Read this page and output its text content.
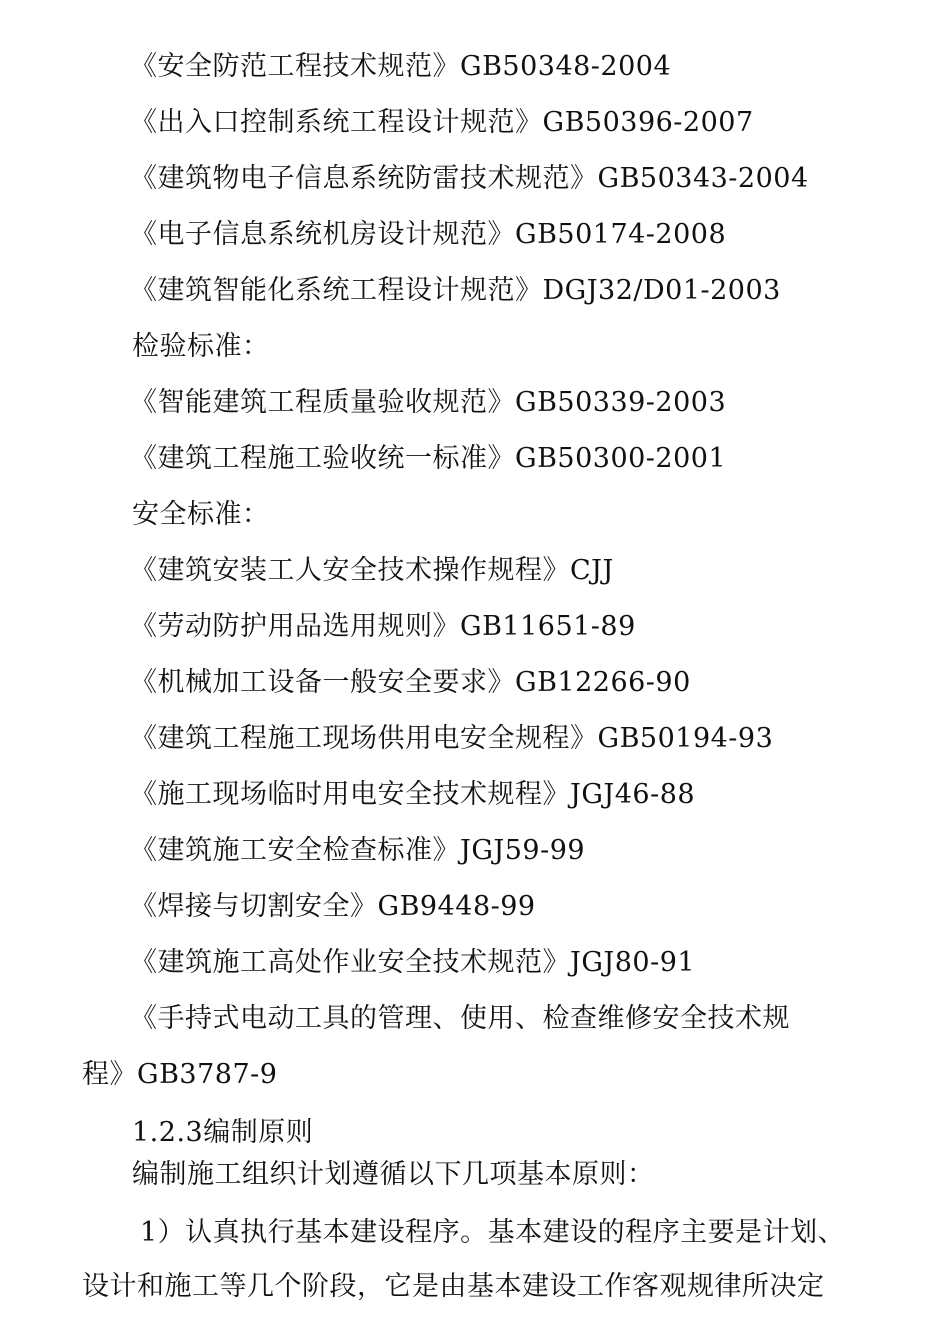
《安全防范工程技术规范》GB50348-2004
《出入口控制系统工程设计规范》GB50396-2007
《建筑物电子信息系统防雷技术规范》GB50343-2004
《电子信息系统机房设计规范》GB50174-2008
《建筑智能化系统工程设计规范》DGJ32/D01-2003
检验标准：
《智能建筑工程质量验收规范》GB50339-2003
《建筑工程施工验收统一标准》GB50300-2001
安全标准：
《建筑安装工人安全技术操作规程》CJJ
《劳动防护用品选用规则》GB11651-89
《机械加工设备一般安全要求》GB12266-90
《建筑工程施工现场供用电安全规程》GB50194-93
《施工现场临时用电安全技术规程》JGJ46-88
《建筑施工安全检查标准》JGJ59-99
《焊接与切割安全》GB9448-99
《建筑施工高处作业安全技术规范》JGJ80-91
《手持式电动工具的管理、使用、检查维修安全技术规
程》GB3787-9
1.2.3编制原则
编制施工组织计划遵循以下几项基本原则：
1）认真执行基本建设程序。基本建设的程序主要是计划、
设计和施工等几个阶段，它是由基本建设工作客观规律所决定
